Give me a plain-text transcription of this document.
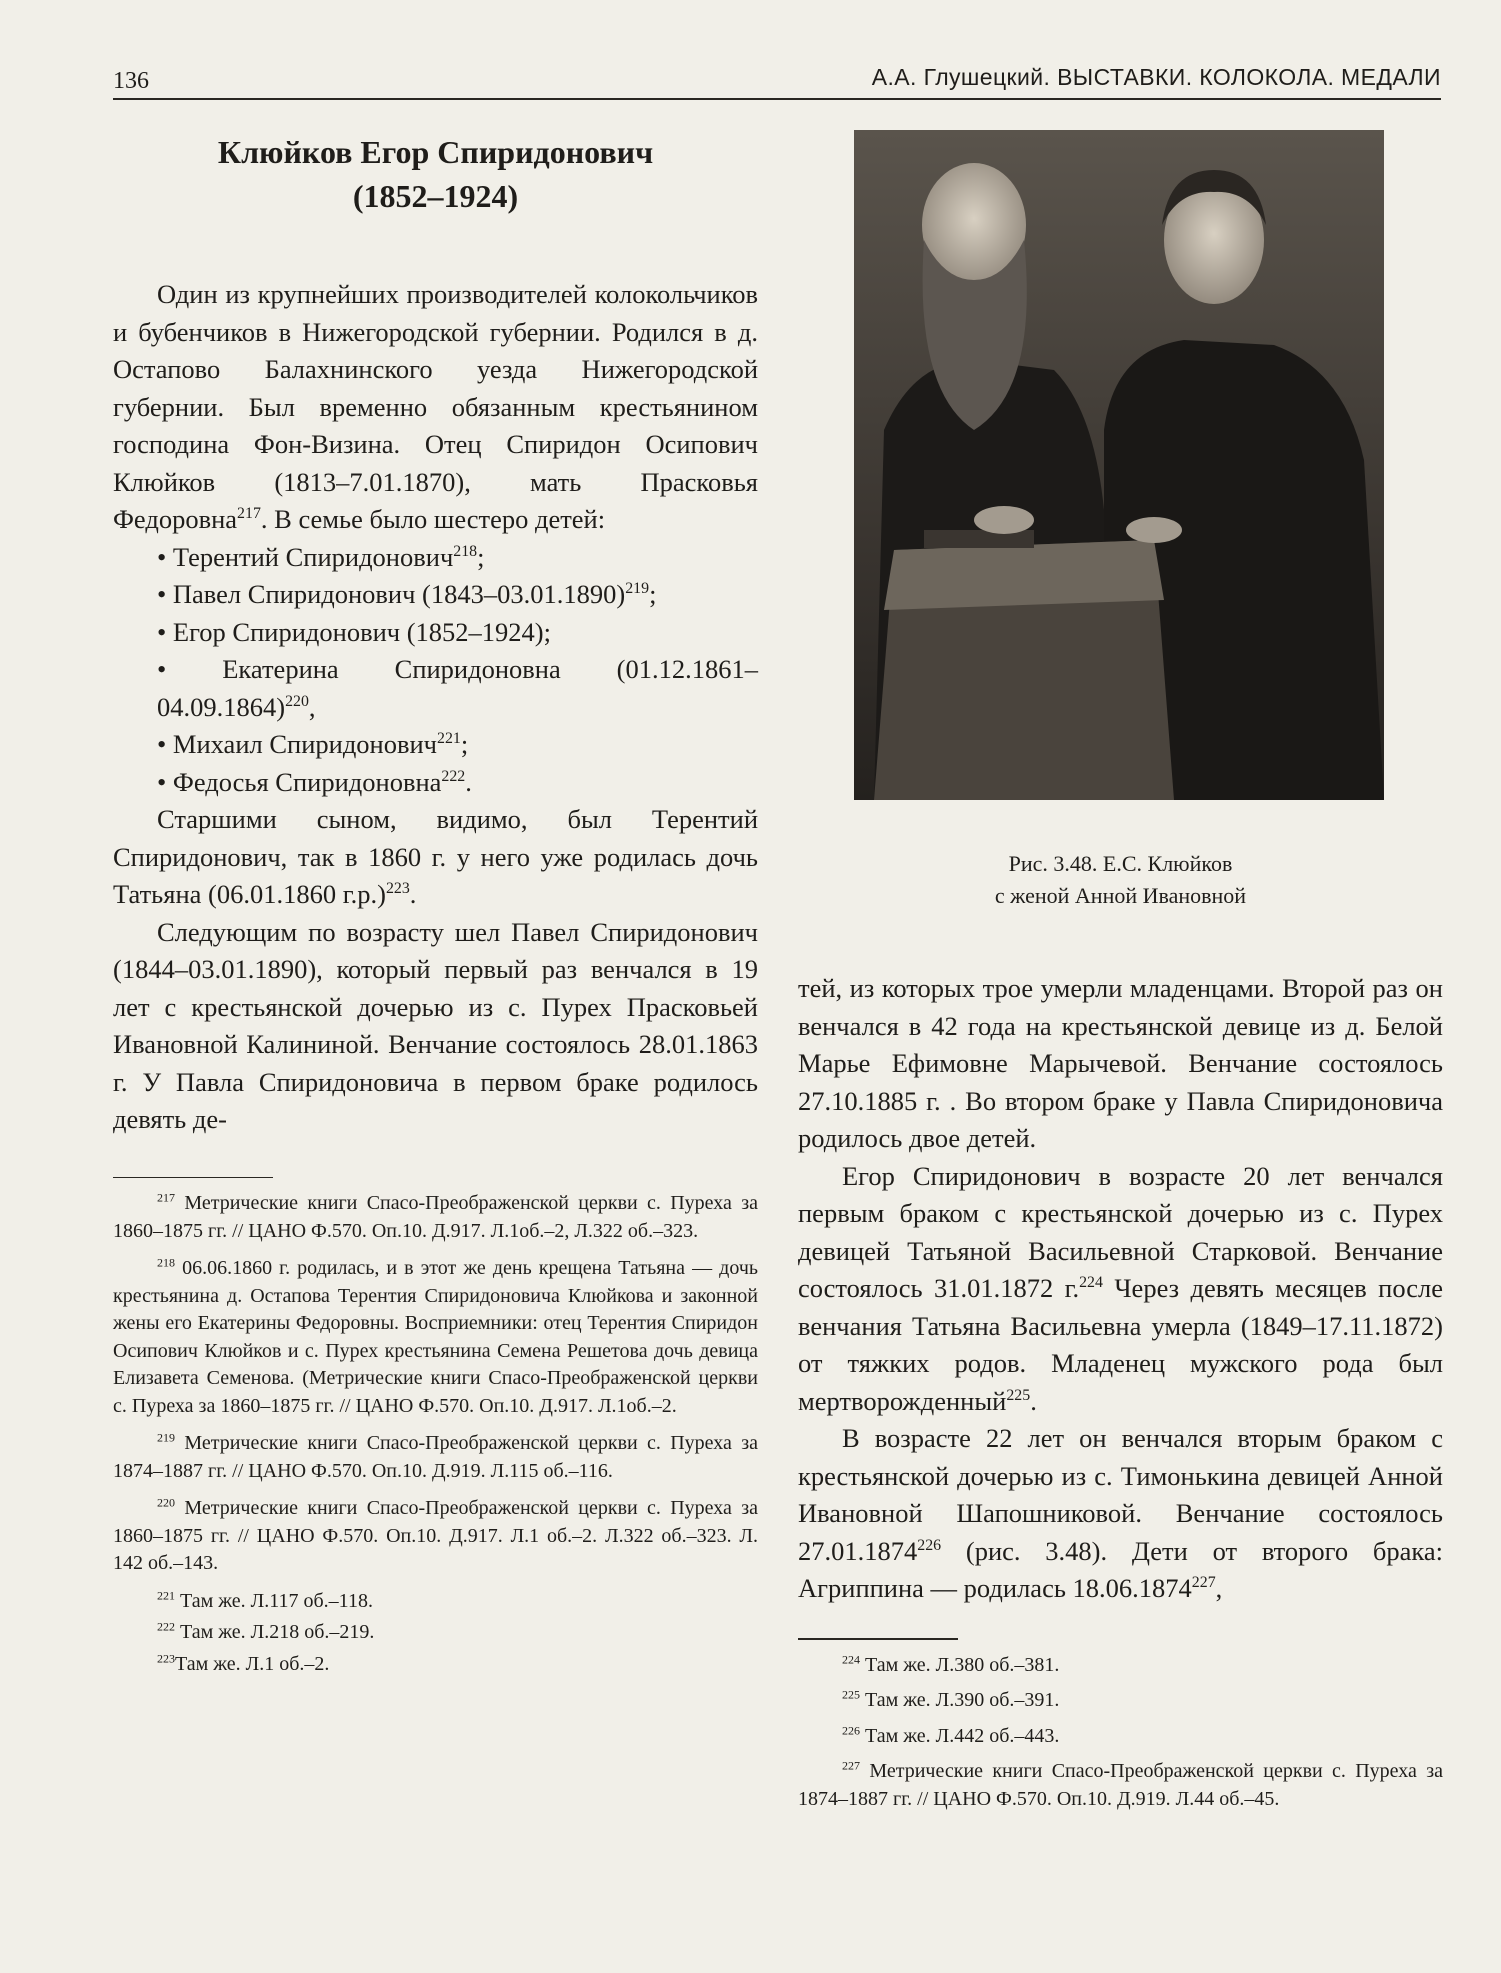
136	А.А. Глушецкий. ВЫСТАВКИ. КОЛОКОЛА. МЕДАЛИ
Клюйков Егор Спиридонович
(1852–1924)

Один из крупнейших производителей колокольчиков и бубенчиков в Нижегородской губернии. Родился в д. Остапово Балахнинского уезда Нижегородской губернии. Был временно обязанным крестьянином господина Фон-Визина. Отец Спиридон Осипович Клюйков (1813–7.01.1870), мать Прасковья Федоровна$^{217}$. В семье было шестеро детей:

• Терентий Спиридонович$^{218}$;
• Павел Спиридонович $(1843-03.01.1890)^{219}$;
• Егор Спиридонович (1852–1924);
• Екатерина Спиридоновна $(01.12.1861-04.09.1864)^{220}$,
• Михаил Спиридонович$^{221}$;
• Федосья Спиридоновна$^{222}$.

Старшими сыном, видимо, был Терентий Спиридонович, так в 1860 г. у него уже родилась дочь Татьяна (06.01.1860 г.р.)$^{223}$.

Следующим по возрасту шел Павел Спиридонович (1844–03.01.1890), который первый раз венчался в 19 лет с крестьянской дочерью из с. Пурех Прасковьей Ивановной Калининой. Венчание состоялось 28.01.1863 г. У Павла Спиридоновича в первом браке родилось девять де-

$^{217}$ Метрические книги Спасо-Преображенской церкви с. Пуреха за 1860–1875 гг. // ЦАНО Ф.570. Оп.10. Д.917. Л.1об.–2, Л.322 об.–323.

$^{218}$ 06.06.1860 г. родилась, и в этот же день крещена Татьяна — дочь крестьянина д. Остапова Терентия Спиридоновича Клюйкова и законной жены его Екатерины Федоровны. Восприемники: отец Терентия Спиридон Осипович Клюйков и с. Пурех крестьянина Семена Решетова дочь девица Елизавета Семенова. (Метрические книги Спасо-Преображенской церкви с. Пуреха за 1860–1875 гг. // ЦАНО Ф.570. Оп.10. Д.917. Л.1об.–2.

$^{219}$ Метрические книги Спасо-Преображенской церкви с. Пуреха за 1874–1887 гг. // ЦАНО Ф.570. Оп.10. Д.919. Л.115 об.–116.

$^{220}$ Метрические книги Спасо-Преображенской церкви с. Пуреха за 1860–1875 гг. // ЦАНО Ф.570. Оп.10. Д.917. Л.1 об.–2. Л.322 об.–323. Л. 142 об.–143.

$^{221}$ Там же. Л.117 об.–118.

$^{222}$ Там же. Л.218 об.–219.

$^{223}$Там же. Л.1 об.–2.

Рис. 3.48. Е.С. Клюйков
с женой Анной Ивановной

тей, из которых трое умерли младенцами. Второй раз он венчался в 42 года на крестьянской девице из д. Белой Марье Ефимовне Марычевой. Венчание состоялось 27.10.1885 г. . Во втором браке у Павла Спиридоновича родилось двое детей.

Егор Спиридонович в возрасте 20 лет венчался первым браком с крестьянской дочерью из с. Пурех девицей Татьяной Васильевной Старковой. Венчание состоялось 31.01.1872 г.$^{224}$ Через девять месяцев после венчания Татьяна Васильевна умерла (1849–17.11.1872) от тяжких родов. Младенец мужского рода был мертворожденный$^{225}$.

В возрасте 22 лет он венчался вторым браком с крестьянской дочерью из с. Тимонькина девицей Анной Ивановной Шапошниковой. Венчание состоялось 27.01.1874$^{226}$ (рис. 3.48). Дети от второго брака: Агриппина — родилась 18.06.1874$^{227}$,

$^{224}$ Там же. Л.380 об.–381.

$^{225}$ Там же. Л.390 об.–391.

$^{226}$ Там же. Л.442 об.–443.

$^{227}$ Метрические книги Спасо-Преображенской церкви с. Пуреха за 1874–1887 гг. // ЦАНО Ф.570. Оп.10. Д.919. Л.44 об.–45.
